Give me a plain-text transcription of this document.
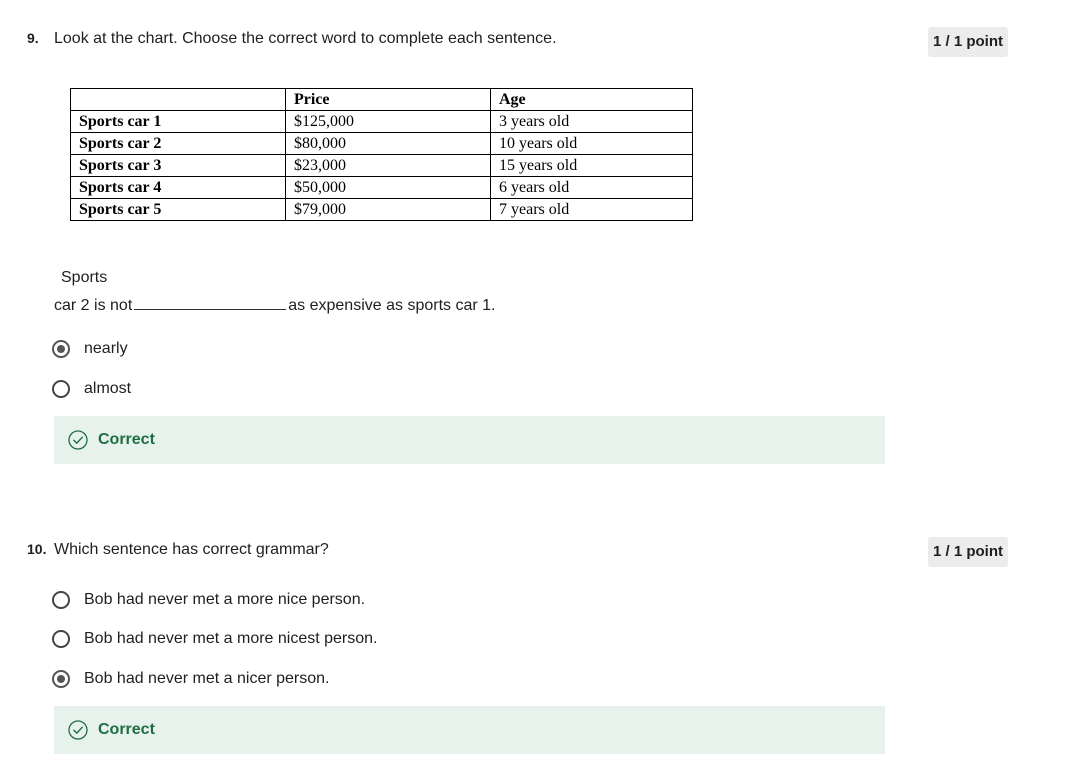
9. Look at the chart. Choose the correct word to complete each sentence.	1 / 1 point
	Price	Age
Sports car 1	$125,000	3 years old
Sports car 2	$80,000	10 years old
Sports car 3	$23,000	15 years old
Sports car 4	$50,000	6 years old
Sports car 5	$79,000	7 years old
Sports
car 2 is not	as expensive as sports car 1.
nearly
almost
Correct
10. Which sentence has correct grammar?	1 / 1 point
Bob had never met a more nice person.
Bob had never met a more nicest person.
Bob had never met a nicer person.
Correct
